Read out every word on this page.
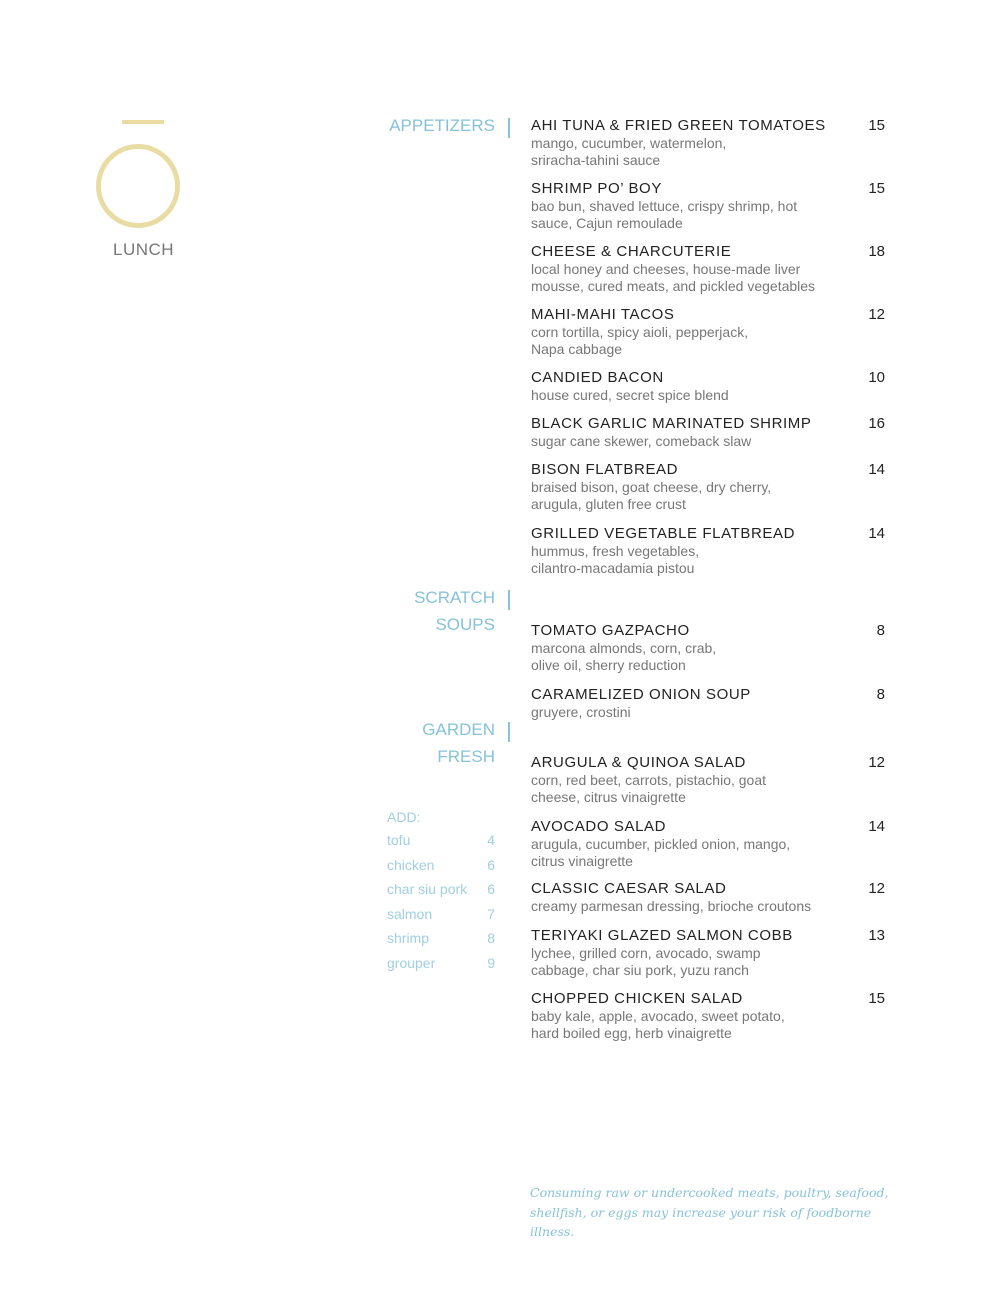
LUNCH
APPETIZERS
SCRATCH
SOUPS
GARDEN
FRESH
ADD:
tofu	4
chicken	6
char siu pork 6
salmon	7
shrimp	8
grouper	9
AHI TUNA & FRIED GREEN TOMATOES	15
mango, cucumber, watermelon, sriracha-tahini sauce
SHRIMP PO’ BOY	15
bao bun, shaved lettuce, crispy shrimp, hot sauce, Cajun remoulade
CHEESE & CHARCUTERIE	18
local honey and cheeses, house-made liver mousse, cured meats, and pickled vegetables
MAHI-MAHI TACOS	12
corn tortilla, spicy aioli, pepperjack, Napa cabbage
CANDIED BACON	10
house cured, secret spice blend
BLACK GARLIC MARINATED SHRIMP	16
sugar cane skewer, comeback slaw
BISON FLATBREAD	14
braised bison, goat cheese, dry cherry, arugula, gluten free crust
GRILLED VEGETABLE FLATBREAD	14
hummus, fresh vegetables, cilantro-macadamia pistou
TOMATO GAZPACHO	8
marcona almonds, corn, crab, olive oil, sherry reduction
CARAMELIZED ONION SOUP	8
gruyere, crostini
ARUGULA & QUINOA SALAD	12
corn, red beet, carrots, pistachio, goat cheese, citrus vinaigrette
AVOCADO SALAD	14
arugula, cucumber, pickled onion, mango, citrus vinaigrette
CLASSIC CAESAR SALAD	12
creamy parmesan dressing, brioche croutons
TERIYAKI GLAZED SALMON COBB	13
lychee, grilled corn, avocado, swamp cabbage, char siu pork, yuzu ranch
CHOPPED CHICKEN SALAD	15
baby kale, apple, avocado, sweet potato, hard boiled egg, herb vinaigrette
Consuming raw or undercooked meats, poultry, seafood, shellfish, or eggs may increase your risk of foodborne illness.
